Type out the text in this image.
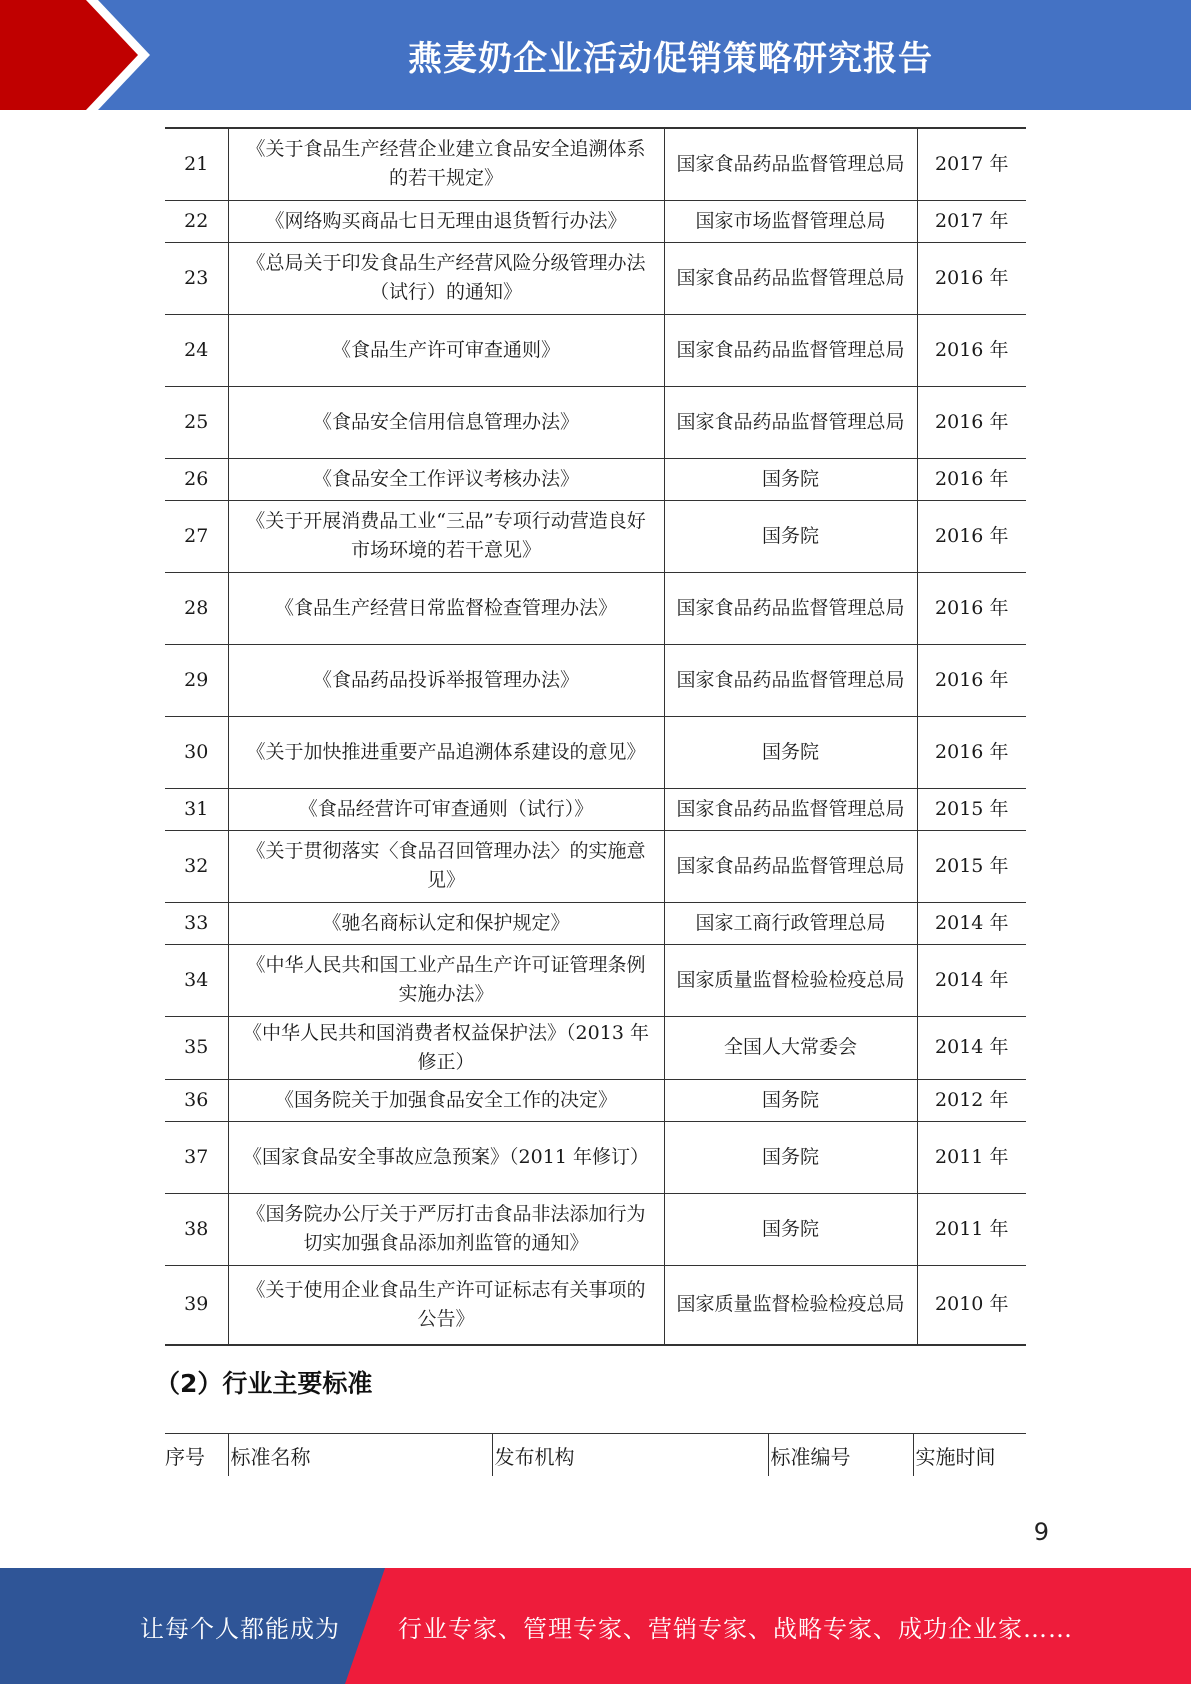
燕麦奶企业活动促销策略研究报告
21	《关于食品生产经营企业建立食品安全追溯体系的若干规定》	国家食品药品监督管理总局	2017 年
22	《网络购买商品七日无理由退货暂行办法》	国家市场监督管理总局	2017 年
23	《总局关于印发食品生产经营风险分级管理办法（试行）的通知》	国家食品药品监督管理总局	2016 年
24	《食品生产许可审查通则》	国家食品药品监督管理总局	2016 年
25	《食品安全信用信息管理办法》	国家食品药品监督管理总局	2016 年
26	《食品安全工作评议考核办法》	国务院	2016 年
27	《关于开展消费品工业“三品”专项行动营造良好市场环境的若干意见》	国务院	2016 年
28	《食品生产经营日常监督检查管理办法》	国家食品药品监督管理总局	2016 年
29	《食品药品投诉举报管理办法》	国家食品药品监督管理总局	2016 年
30	《关于加快推进重要产品追溯体系建设的意见》	国务院	2016 年
31	《食品经营许可审查通则（试行）》	国家食品药品监督管理总局	2015 年
32	《关于贯彻落实〈食品召回管理办法〉的实施意见》	国家食品药品监督管理总局	2015 年
33	《驰名商标认定和保护规定》	国家工商行政管理总局	2014 年
34	《中华人民共和国工业产品生产许可证管理条例实施办法》	国家质量监督检验检疫总局	2014 年
35	《中华人民共和国消费者权益保护法》（2013 年修正）	全国人大常委会	2014 年
36	《国务院关于加强食品安全工作的决定》	国务院	2012 年
37	《国家食品安全事故应急预案》（2011 年修订）	国务院	2011 年
38	《国务院办公厅关于严厉打击食品非法添加行为切实加强食品添加剂监管的通知》	国务院	2011 年
39	《关于使用企业食品生产许可证标志有关事项的公告》	国家质量监督检验检疫总局	2010 年
（2）行业主要标准
序号	标准名称	发布机构	标准编号	实施时间
9
让每个人都能成为 行业专家、管理专家、营销专家、战略专家、成功企业家……
